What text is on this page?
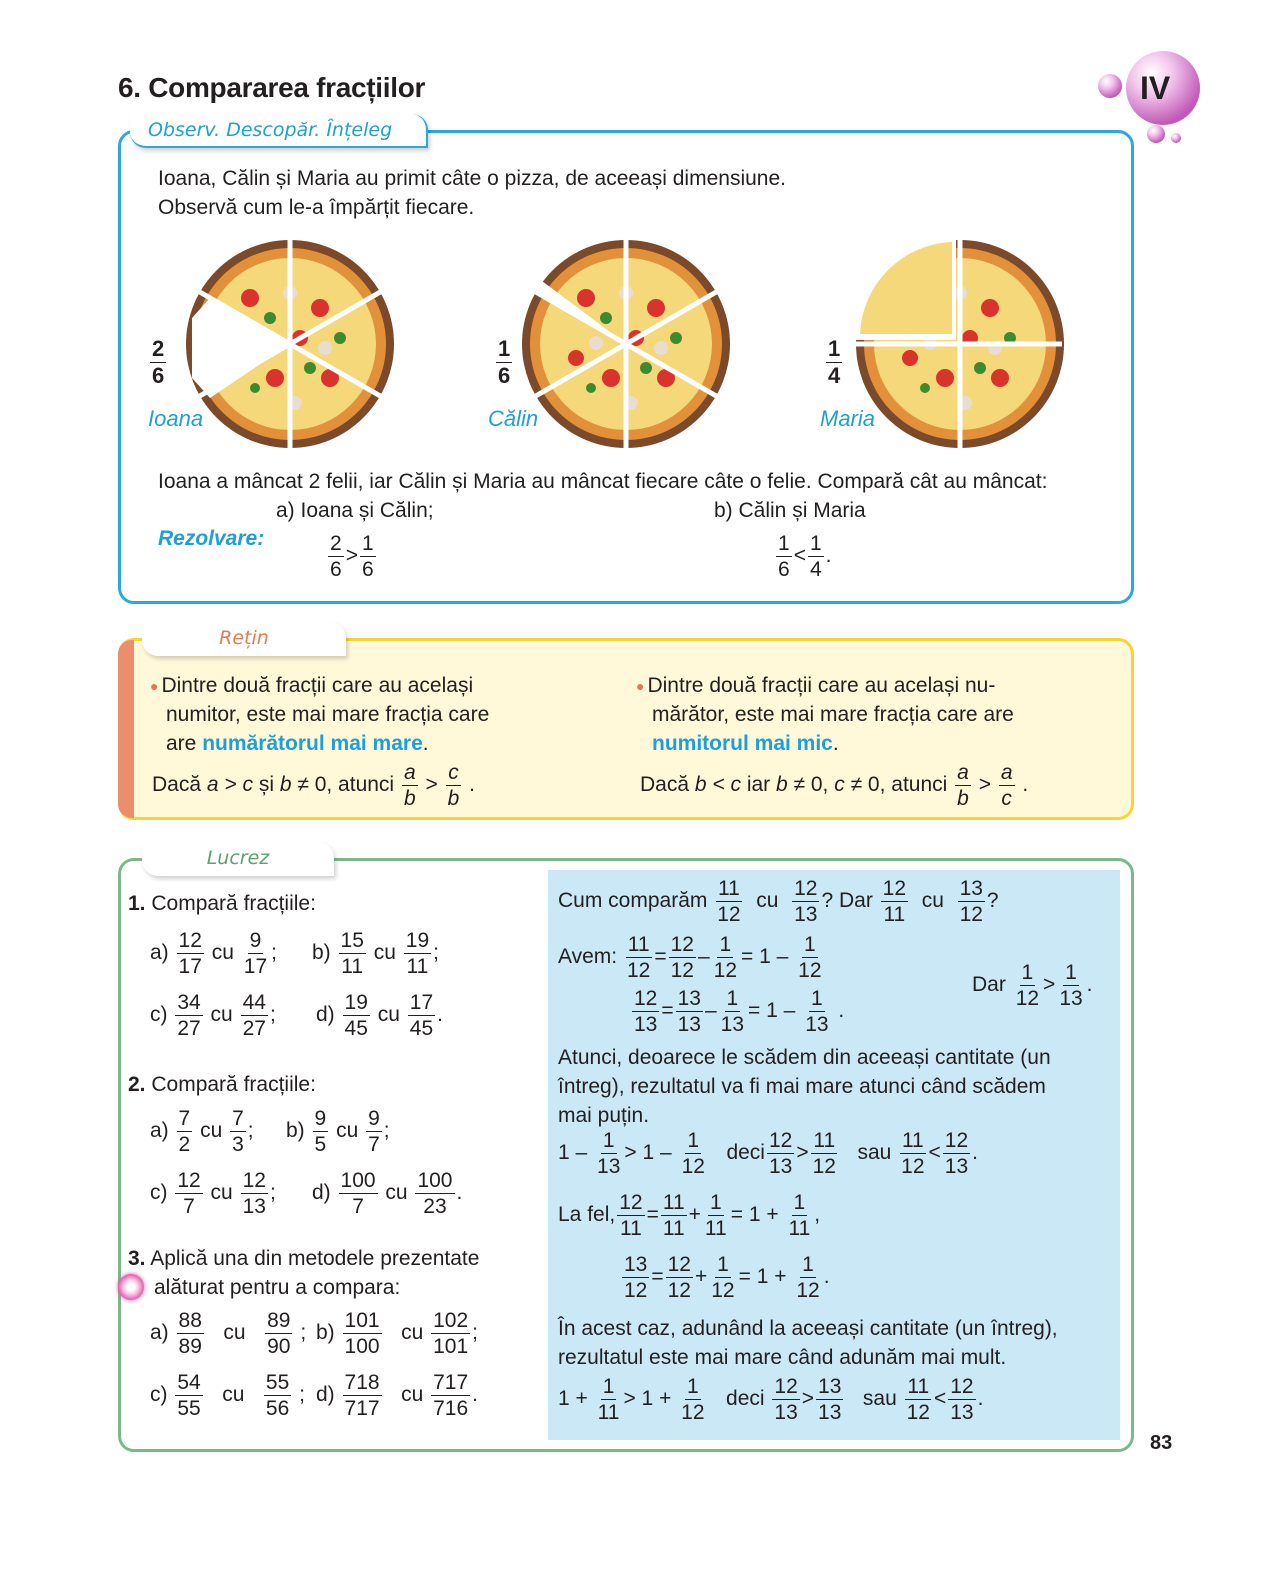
6. Compararea fracțiilor	IV
Observ. Descopăr. Înțeleg
Ioana, Călin și Maria au primit câte o pizza, de aceeași dimensiune.
Observă cum le-a împărțit fiecare.
2
6
Ioana
1
6
Călin
1
4
Maria
Ioana a mâncat 2 felii, iar Călin și Maria au mâncat fiecare câte o felie. Compară cât au mâncat:
a) Ioana și Călin;	b) Călin și Maria
Rezolvare:	$\frac{2}{6} > \frac{1}{6}$	$\frac{1}{6} < \frac{1}{4}$ .
Rețin
● Dintre două fracții care au același
numitor, este mai mare fracția care
are numărătorul mai mare.
Dacă a > c și b ≠ 0, atunci $\frac{a}{b} > \frac{c}{b}$ .
● Dintre două fracții care au același nu-
mărător, este mai mare fracția care are
numitorul mai mic.
Dacă b < c iar b ≠ 0, c ≠ 0, atunci $\frac{a}{b} > \frac{a}{c}$ .
Lucrez
1. Compară fracțiile:
$a) \frac{12}{17}$ cu $\frac{9}{17}$ ; $b) \frac{15}{11}$ cu $\frac{19}{11}$ ;
$c) \frac{34}{27}$ cu $\frac{44}{27}$ ; $d) \frac{19}{45}$ cu $\frac{17}{45}$ .
2. Compară fracțiile:
$a) \frac{7}{2}$ cu $\frac{7}{3}$ ; $b) \frac{9}{5}$ cu $\frac{9}{7}$ ;
$c) \frac{12}{7}$ cu $\frac{12}{13}$ ; $d) \frac{100}{7}$ cu $\frac{100}{23}$ .
3. Aplică una din metodele prezentate
alăturat pentru a compara:
$a) \frac{88}{89}$ cu $\frac{89}{90}$ ; $b) \frac{101}{100}$ cu $\frac{102}{101}$ ;
$c) \frac{54}{55}$ cu $\frac{55}{56}$ ; $d) \frac{718}{717}$ cu $\frac{717}{716}$ .
Cum comparăm $\frac{11}{12}$ cu $\frac{12}{13}$ ? Dar $\frac{12}{11}$ cu $\frac{13}{12}$ ?
Avem: $\frac{11}{12} = \frac{12}{12} - \frac{1}{12} = 1 - \frac{1}{12}$
$\frac{12}{13} = \frac{13}{13} - \frac{1}{13} = 1 - \frac{1}{13}$ .
Dar $\frac{1}{12} > \frac{1}{13}$ .
Atunci, deoarece le scădem din aceeași cantitate (un
întreg), rezultatul va fi mai mare atunci când scădem
mai puțin.
$1 - \frac{1}{13} > 1 - \frac{1}{12}$ deci $\frac{12}{13} > \frac{11}{12}$ sau $\frac{11}{12} < \frac{12}{13}$ .
La fel, $\frac{12}{11} = \frac{11}{11} + \frac{1}{11} = 1 + \frac{1}{11}$ ,
$\frac{13}{12} = \frac{12}{12} + \frac{1}{12} = 1 + \frac{1}{12}$ .
În acest caz, adunând la aceeași cantitate (un întreg),
rezultatul este mai mare când adunăm mai mult.
$1 + \frac{1}{11} > 1 + \frac{1}{12}$ deci $\frac{12}{13} > \frac{13}{13}$ sau $\frac{11}{12} < \frac{12}{13}$ .
83
